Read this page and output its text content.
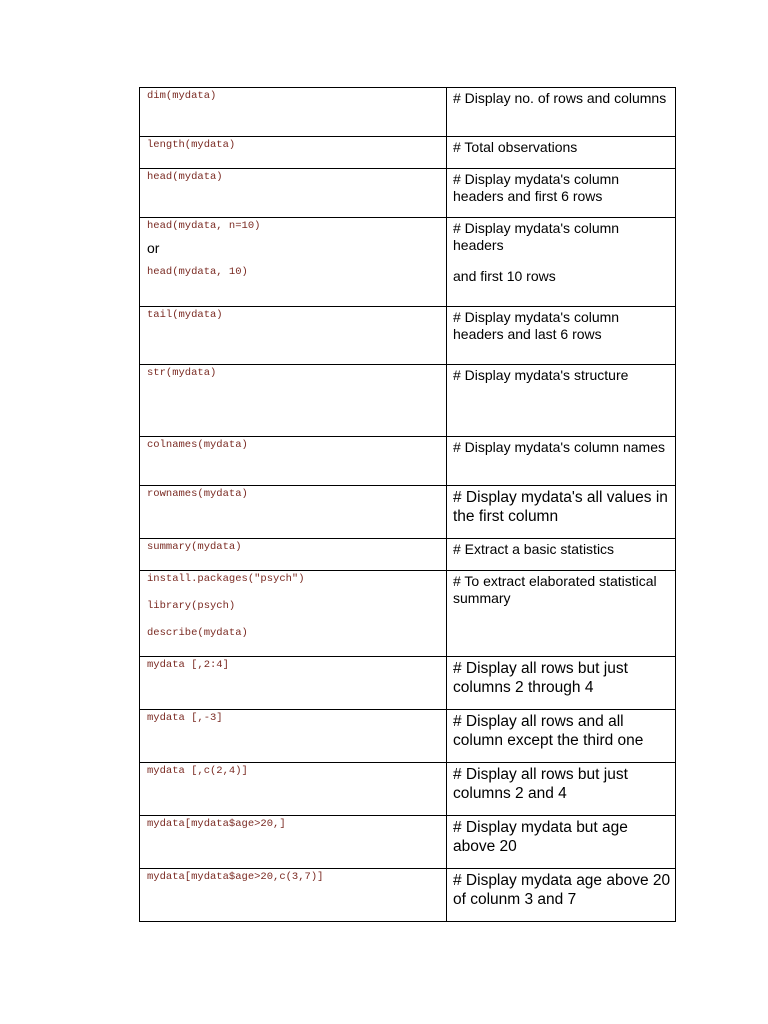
dim(mydata)	# Display no. of rows and columns

length(mydata)	# Total observations

head(mydata)	# Display mydata's column headers and first 6 rows

head(mydata, n=10)
or
head(mydata, 10)	# Display mydata's column headers
and first 10 rows

tail(mydata)	# Display mydata's column headers and last 6 rows

str(mydata)	# Display mydata's structure

colnames(mydata)	# Display mydata's column names

rownames(mydata)	# Display mydata's all values in the first column

summary(mydata)	# Extract a basic statistics

install.packages("psych")
library(psych)
describe(mydata)	# To extract elaborated statistical summary

mydata [,2:4]	# Display all rows but just columns 2 through 4

mydata [,-3]	# Display all rows and all column except the third one

mydata [,c(2,4)]	# Display all rows but just columns 2 and 4

mydata[mydata$age>20,]	# Display mydata but age above 20

mydata[mydata$age>20,c(3,7)]	# Display mydata age above 20 of colunm 3 and 7
